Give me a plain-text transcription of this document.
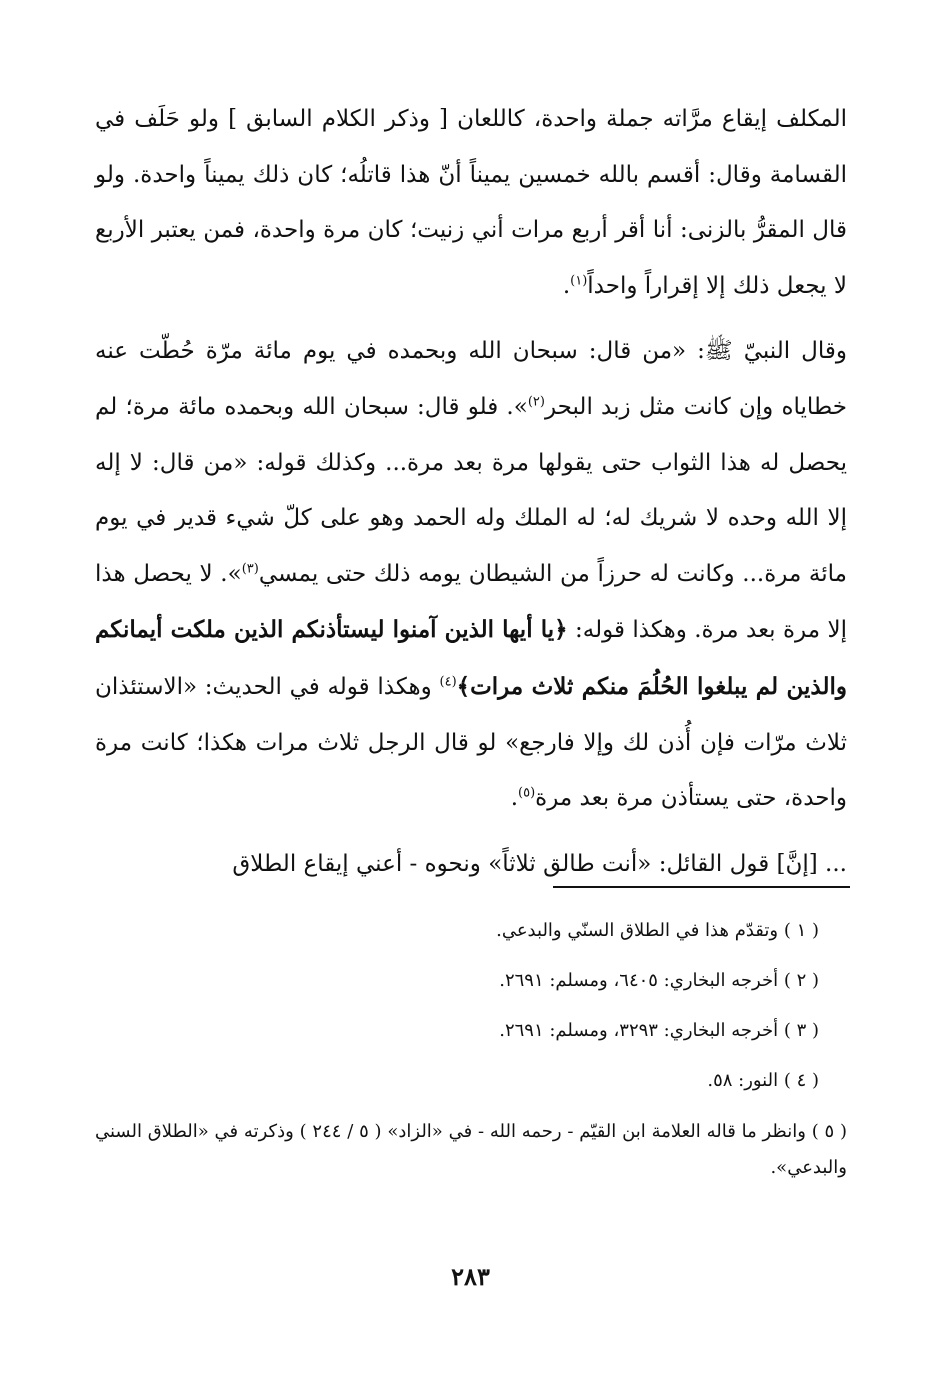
المكلف إيقاع مرَّاته جملة واحدة، كاللعان [ وذكر الكلام السابق ] ولو حَلَف في القسامة وقال: أقسم بالله خمسين يميناً أنّ هذا قاتلُه؛ كان ذلك يميناً واحدة. ولو قال المقرُّ بالزنى: أنا أقر أربع مرات أني زنيت؛ كان مرة واحدة، فمن يعتبر الأربع لا يجعل ذلك إلا إقراراً واحداً$^{(١)}$.

وقال النبيّ ﷺ: «من قال: سبحان الله وبحمده في يوم مائة مرّة حُطّت عنه خطاياه وإن كانت مثل زبد البحر$^{(٢)}$». فلو قال: سبحان الله وبحمده مائة مرة؛ لم يحصل له هذا الثواب حتى يقولها مرة بعد مرة... وكذلك قوله: «من قال: لا إله إلا الله وحده لا شريك له؛ له الملك وله الحمد وهو على كلّ شيء قدير في يوم مائة مرة... وكانت له حرزاً من الشيطان يومه ذلك حتى يمسي$^{(٣)}$». لا يحصل هذا إلا مرة بعد مرة. وهكذا قوله: ﴿يا أيها الذين آمنوا ليستأذنكم الذين ملكت أيمانكم والذين لم يبلغوا الحُلُمَ منكم ثلاث مرات﴾$^{(٤)}$ وهكذا قوله في الحديث: «الاستئذان ثلاث مرّات فإن أُذن لك وإلا فارجع» لو قال الرجل ثلاث مرات هكذا؛ كانت مرة واحدة، حتى يستأذن مرة بعد مرة$^{(٥)}$.

... [إنَّ] قول القائل: «أنت طالق ثلاثاً» ونحوه - أعني إيقاع الطلاق

( ١ ) وتقدّم هذا في الطلاق السنّي والبدعي.

( ٢ ) أخرجه البخاري: ٦٤٠٥، ومسلم: ٢٦٩١.

( ٣ ) أخرجه البخاري: ٣٢٩٣، ومسلم: ٢٦٩١.

( ٤ ) النور: ٥٨.

( ٥ ) وانظر ما قاله العلامة ابن القيّم - رحمه الله - في «الزاد» ( ٥ / ٢٤٤ ) وذكرته في «الطلاق السني والبدعي».

٢٨٣
